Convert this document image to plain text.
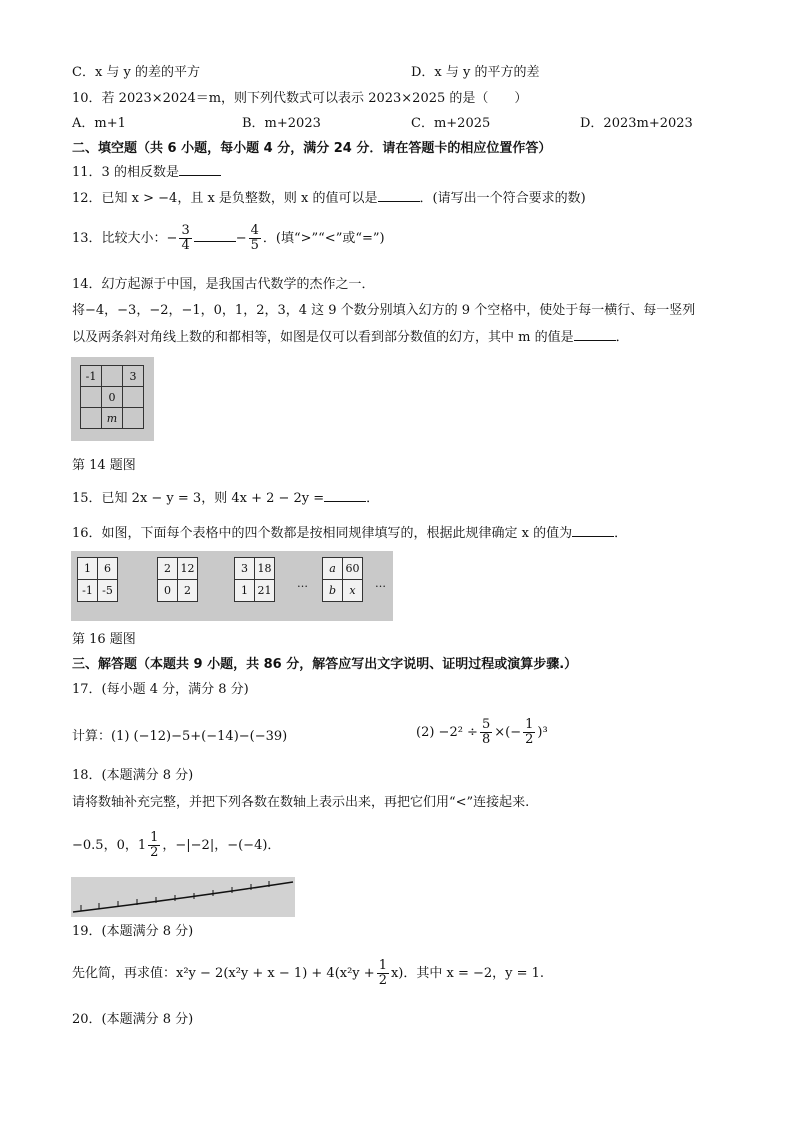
C．x 与 y 的差的平方	D．x 与 y 的平方的差
10．若 2023×2024＝m，则下列代数式可以表示 2023×2025 的是（　　）
A．m+1	B．m+2023	C．m+2025	D．2023m+2023
二、填空题（共 6 小题，每小题 4 分，满分 24 分．请在答题卡的相应位置作答）
11．3 的相反数是
12．已知 x > −4，且 x 是负整数，则 x 的值可以是	．(请写出一个符合要求的数)
13．比较大小：− $\frac{3}{4}$	− $\frac{4}{5}$ ．(填“>”“<”或“=”)
14．幻方起源于中国，是我国古代数学的杰作之一．
将−4，−3，−2，−1，0，1，2，3，4 这 9 个数分别填入幻方的 9 个空格中，使处于每一横行、每一竖列
以及两条斜对角线上数的和都相等，如图是仅可以看到部分数值的幻方，其中 m 的值是	．
-1		3
	0	
	m	
第 14 题图
15．已知 2x − y = 3，则 4x + 2 − 2y =	．
16．如图，下面每个表格中的四个数都是按相同规律填写的，根据此规律确定 x 的值为	．
1	6
-1	-5
2	12
0	2
3	18
1	21
…
a	60
b	x
…
第 16 题图
三、解答题（本题共 9 小题，共 86 分，解答应写出文字说明、证明过程或演算步骤.）
17．(每小题 4 分，满分 8 分)
计算：(1) (−12)−5+(−14)−(−39)	$(2) -2^2 \div \frac{5}{8}$ ×(− $\frac{1}{2} )^3$
18．(本题满分 8 分)
请将数轴补充完整，并把下列各数在数轴上表示出来，再把它们用“<”连接起来.
−0.5，0，$1 \frac{1}{2}$ ，−|−2|，−(−4)．
19．(本题满分 8 分)
先化简，再求值：$x^2y - 2(x^2y + x - 1) + 4(x^2y + \frac{1}{2} x)$．其中 x = −2，y = 1.
20．(本题满分 8 分)
